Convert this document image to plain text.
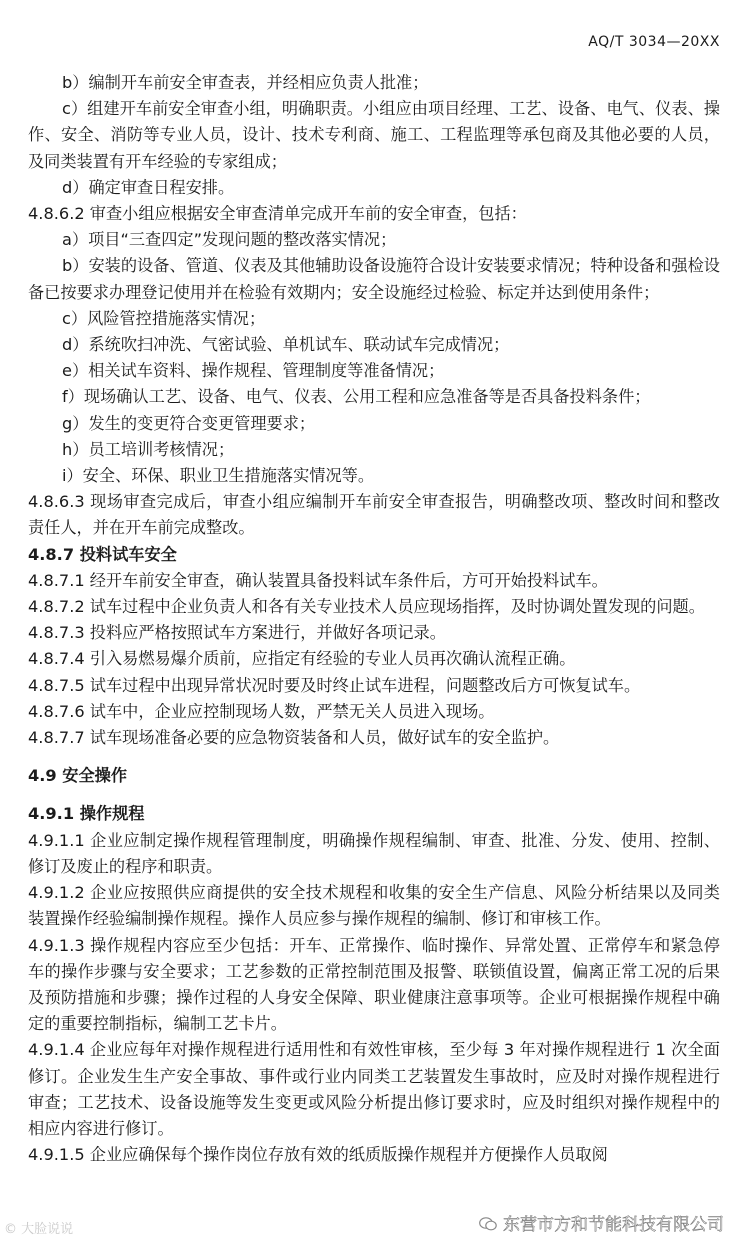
AQ/T 3034—20XX

b）编制开车前安全审查表，并经相应负责人批准；

c）组建开车前安全审查小组，明确职责。小组应由项目经理、工艺、设备、电气、仪表、操作、安全、消防等专业人员，设计、技术专利商、施工、工程监理等承包商及其他必要的人员，及同类装置有开车经验的专家组成；

d）确定审查日程安排。

4.8.6.2 审查小组应根据安全审查清单完成开车前的安全审查，包括：

a）项目“三查四定”发现问题的整改落实情况；

b）安装的设备、管道、仪表及其他辅助设备设施符合设计安装要求情况；特种设备和强检设备已按要求办理登记使用并在检验有效期内；安全设施经过检验、标定并达到使用条件；

c）风险管控措施落实情况；

d）系统吹扫冲洗、气密试验、单机试车、联动试车完成情况；

e）相关试车资料、操作规程、管理制度等准备情况；

f）现场确认工艺、设备、电气、仪表、公用工程和应急准备等是否具备投料条件；

g）发生的变更符合变更管理要求；

h）员工培训考核情况；

i）安全、环保、职业卫生措施落实情况等。

4.8.6.3 现场审查完成后，审查小组应编制开车前安全审查报告，明确整改项、整改时间和整改责任人，并在开车前完成整改。

4.8.7 投料试车安全

4.8.7.1 经开车前安全审查，确认装置具备投料试车条件后，方可开始投料试车。

4.8.7.2 试车过程中企业负责人和各有关专业技术人员应现场指挥，及时协调处置发现的问题。

4.8.7.3 投料应严格按照试车方案进行，并做好各项记录。

4.8.7.4 引入易燃易爆介质前，应指定有经验的专业人员再次确认流程正确。

4.8.7.5 试车过程中出现异常状况时要及时终止试车进程，问题整改后方可恢复试车。

4.8.7.6 试车中，企业应控制现场人数，严禁无关人员进入现场。

4.8.7.7 试车现场准备必要的应急物资装备和人员，做好试车的安全监护。

4.9 安全操作

4.9.1 操作规程

4.9.1.1 企业应制定操作规程管理制度，明确操作规程编制、审查、批准、分发、使用、控制、修订及废止的程序和职责。

4.9.1.2 企业应按照供应商提供的安全技术规程和收集的安全生产信息、风险分析结果以及同类装置操作经验编制操作规程。操作人员应参与操作规程的编制、修订和审核工作。

4.9.1.3 操作规程内容应至少包括：开车、正常操作、临时操作、异常处置、正常停车和紧急停车的操作步骤与安全要求；工艺参数的正常控制范围及报警、联锁值设置，偏离正常工况的后果及预防措施和步骤；操作过程的人身安全保障、职业健康注意事项等。企业可根据操作规程中确定的重要控制指标，编制工艺卡片。

4.9.1.4 企业应每年对操作规程进行适用性和有效性审核，至少每 3 年对操作规程进行 1 次全面修订。企业发生生产安全事故、事件或行业内同类工艺装置发生事故时，应及时对操作规程进行审查；工艺技术、设备设施等发生变更或风险分析提出修订要求时，应及时组织对操作规程中的相应内容进行修订。

4.9.1.5 企业应确保每个操作岗位存放有效的纸质版操作规程并方便操作人员取阅

© 大脸说说	东营市方和节能科技有限公司
